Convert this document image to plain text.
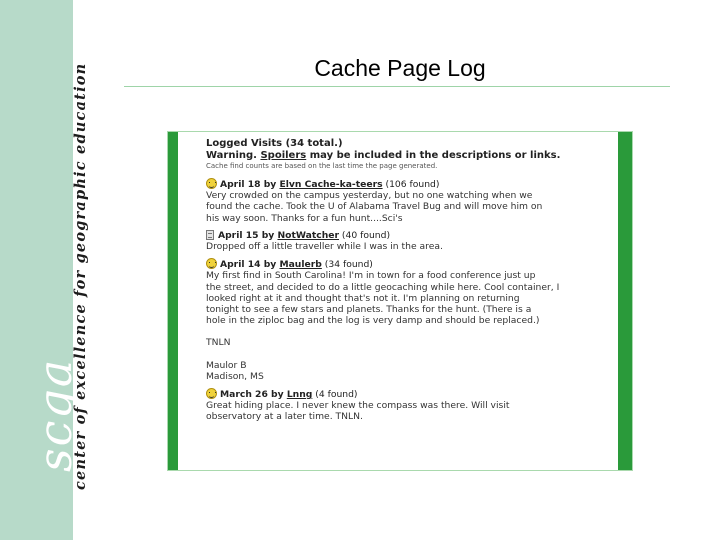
scga
center of excellence for geographic education	Cache Page Log
Logged Visits (34 total.)
Warning. Spoilers may be included in the descriptions or links.
Cache find counts are based on the last time the page generated.
April 18 by Elvn Cache-ka-teers (106 found)
Very crowded on the campus yesterday, but no one watching when we
found the cache. Took the U of Alabama Travel Bug and will move him on
his way soon. Thanks for a fun hunt....Sci's
April 15 by NotWatcher (40 found)
Dropped off a little traveller while I was in the area.
April 14 by Maulerb (34 found)
My first find in South Carolina! I'm in town for a food conference just up
the street, and decided to do a little geocaching while here. Cool container, I
looked right at it and thought that's not it. I'm planning on returning
tonight to see a few stars and planets. Thanks for the hunt. (There is a
hole in the ziploc bag and the log is very damp and should be replaced.)
TNLN
Maulor B
Madison, MS
March 26 by Lnng (4 found)
Great hiding place. I never knew the compass was there. Will visit
observatory at a later time. TNLN.
